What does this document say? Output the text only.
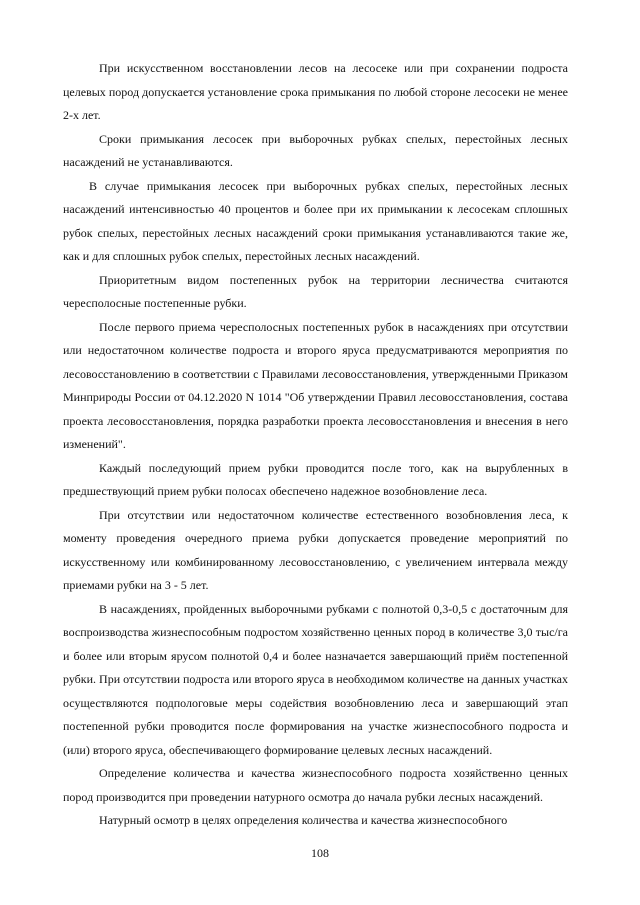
При искусственном восстановлении лесов на лесосеке или при сохранении подроста целевых пород допускается установление срока примыкания по любой стороне лесосеки не менее 2-х лет.

Сроки примыкания лесосек при выборочных рубках спелых, перестойных лесных насаждений не устанавливаются.

В случае примыкания лесосек при выборочных рубках спелых, перестойных лесных насаждений интенсивностью 40 процентов и более при их примыкании к лесосекам сплошных рубок спелых, перестойных лесных насаждений сроки примыкания устанавливаются такие же, как и для сплошных рубок спелых, перестойных лесных насаждений.

Приоритетным видом постепенных рубок на территории лесничества считаются чересполосные постепенные рубки.

После первого приема чересполосных постепенных рубок в насаждениях при отсутствии или недостаточном количестве подроста и второго яруса предусматриваются мероприятия по лесовосстановлению в соответствии с Правилами лесовосстановления, утвержденными Приказом Минприроды России от 04.12.2020 N 1014 "Об утверждении Правил лесовосстановления, состава проекта лесовосстановления, порядка разработки проекта лесовосстановления и внесения в него изменений".

Каждый последующий прием рубки проводится после того, как на вырубленных в предшествующий прием рубки полосах обеспечено надежное возобновление леса.

При отсутствии или недостаточном количестве естественного возобновления леса, к моменту проведения очередного приема рубки допускается проведение мероприятий по искусственному или комбинированному лесовосстановлению, с увеличением интервала между приемами рубки на 3 - 5 лет.

В насаждениях, пройденных выборочными рубками с полнотой 0,3-0,5 с достаточным для воспроизводства жизнеспособным подростом хозяйственно ценных пород в количестве 3,0 тыс/га и более или вторым ярусом полнотой 0,4 и более назначается завершающий приём постепенной рубки. При отсутствии подроста или второго яруса в необходимом количестве на данных участках осуществляются подпологовые меры содействия возобновлению леса и завершающий этап постепенной рубки проводится после формирования на участке жизнеспособного подроста и (или) второго яруса, обеспечивающего формирование целевых лесных насаждений.

Определение количества и качества жизнеспособного подроста хозяйственно ценных пород производится при проведении натурного осмотра до начала рубки лесных насаждений.

Натурный осмотр в целях определения количества и качества жизнеспособного

108
